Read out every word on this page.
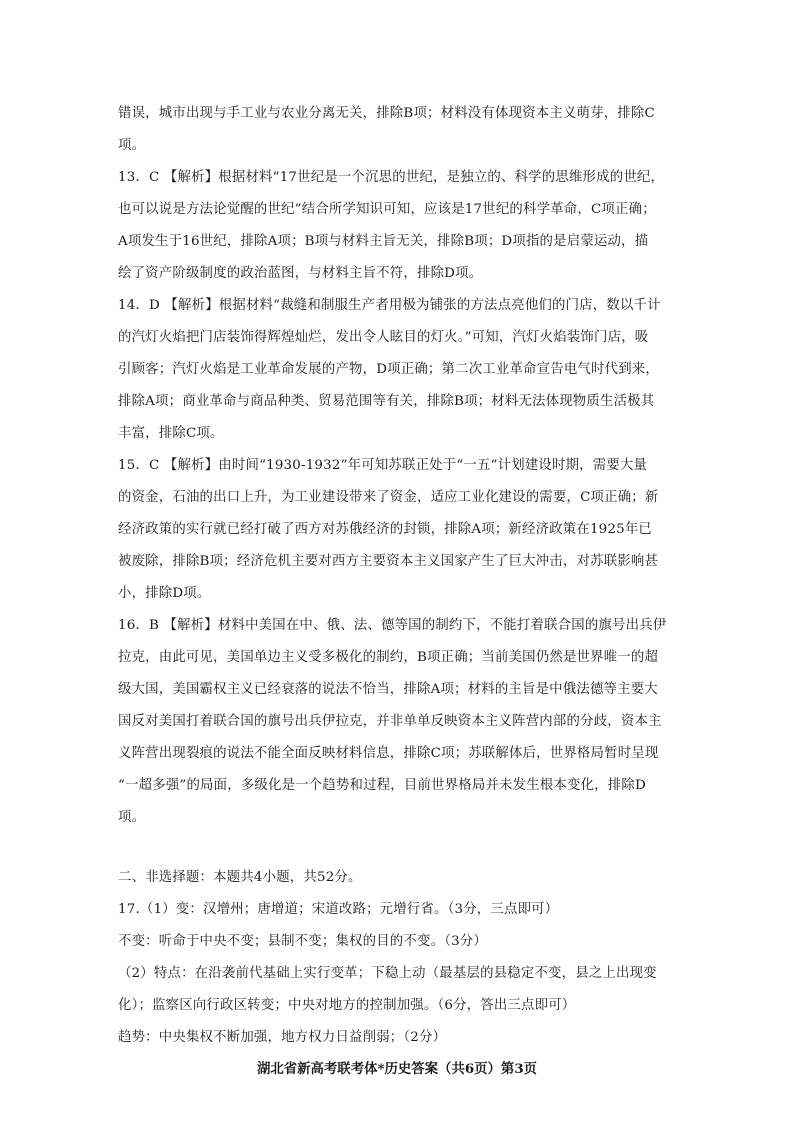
错误，城市出现与手工业与农业分离无关，排除B项；材料没有体现资本主义萌芽，排除C
项。
13．C 【解析】根据材料“17世纪是一个沉思的世纪，是独立的、科学的思维形成的世纪，
也可以说是方法论觉醒的世纪”结合所学知识可知，应该是17世纪的科学革命，C项正确；
A项发生于16世纪，排除A项；B项与材料主旨无关，排除B项；D项指的是启蒙运动，描
绘了资产阶级制度的政治蓝图，与材料主旨不符，排除D项。
14．D 【解析】根据材料“裁缝和制服生产者用极为铺张的方法点亮他们的门店，数以千计
的汽灯火焰把门店装饰得辉煌灿烂，发出令人眩目的灯火。”可知，汽灯火焰装饰门店，吸
引顾客；汽灯火焰是工业革命发展的产物，D项正确；第二次工业革命宣告电气时代到来，
排除A项；商业革命与商品种类、贸易范围等有关，排除B项；材料无法体现物质生活极其
丰富，排除C项。
15．C 【解析】由时间“1930-1932”年可知苏联正处于“一五”计划建设时期，需要大量
的资金，石油的出口上升，为工业建设带来了资金，适应工业化建设的需要，C项正确；新
经济政策的实行就已经打破了西方对苏俄经济的封锁，排除A项；新经济政策在1925年已
被废除，排除B项；经济危机主要对西方主要资本主义国家产生了巨大冲击，对苏联影响甚
小，排除D项。
16．B 【解析】材料中美国在中、俄、法、德等国的制约下，不能打着联合国的旗号出兵伊
拉克，由此可见，美国单边主义受多极化的制约，B项正确；当前美国仍然是世界唯一的超
级大国，美国霸权主义已经衰落的说法不恰当，排除A项；材料的主旨是中俄法德等主要大
国反对美国打着联合国的旗号出兵伊拉克，并非单单反映资本主义阵营内部的分歧，资本主
义阵营出现裂痕的说法不能全面反映材料信息，排除C项；苏联解体后，世界格局暂时呈现
“一超多强”的局面，多级化是一个趋势和过程，目前世界格局并未发生根本变化，排除D
项。
二、非选择题：本题共4小题，共52分。
17.（1）变：汉增州；唐增道；宋道改路；元增行省。（3分，三点即可）
不变：听命于中央不变；县制不变；集权的目的不变。（3分）
（2）特点：在沿袭前代基础上实行变革；下稳上动（最基层的县稳定不变，县之上出现变
化）；监察区向行政区转变；中央对地方的控制加强。（6分，答出三点即可）
趋势：中央集权不断加强，地方权力日益削弱；（2分）
湖北省新高考联考体*历史答案（共6页）第3页
